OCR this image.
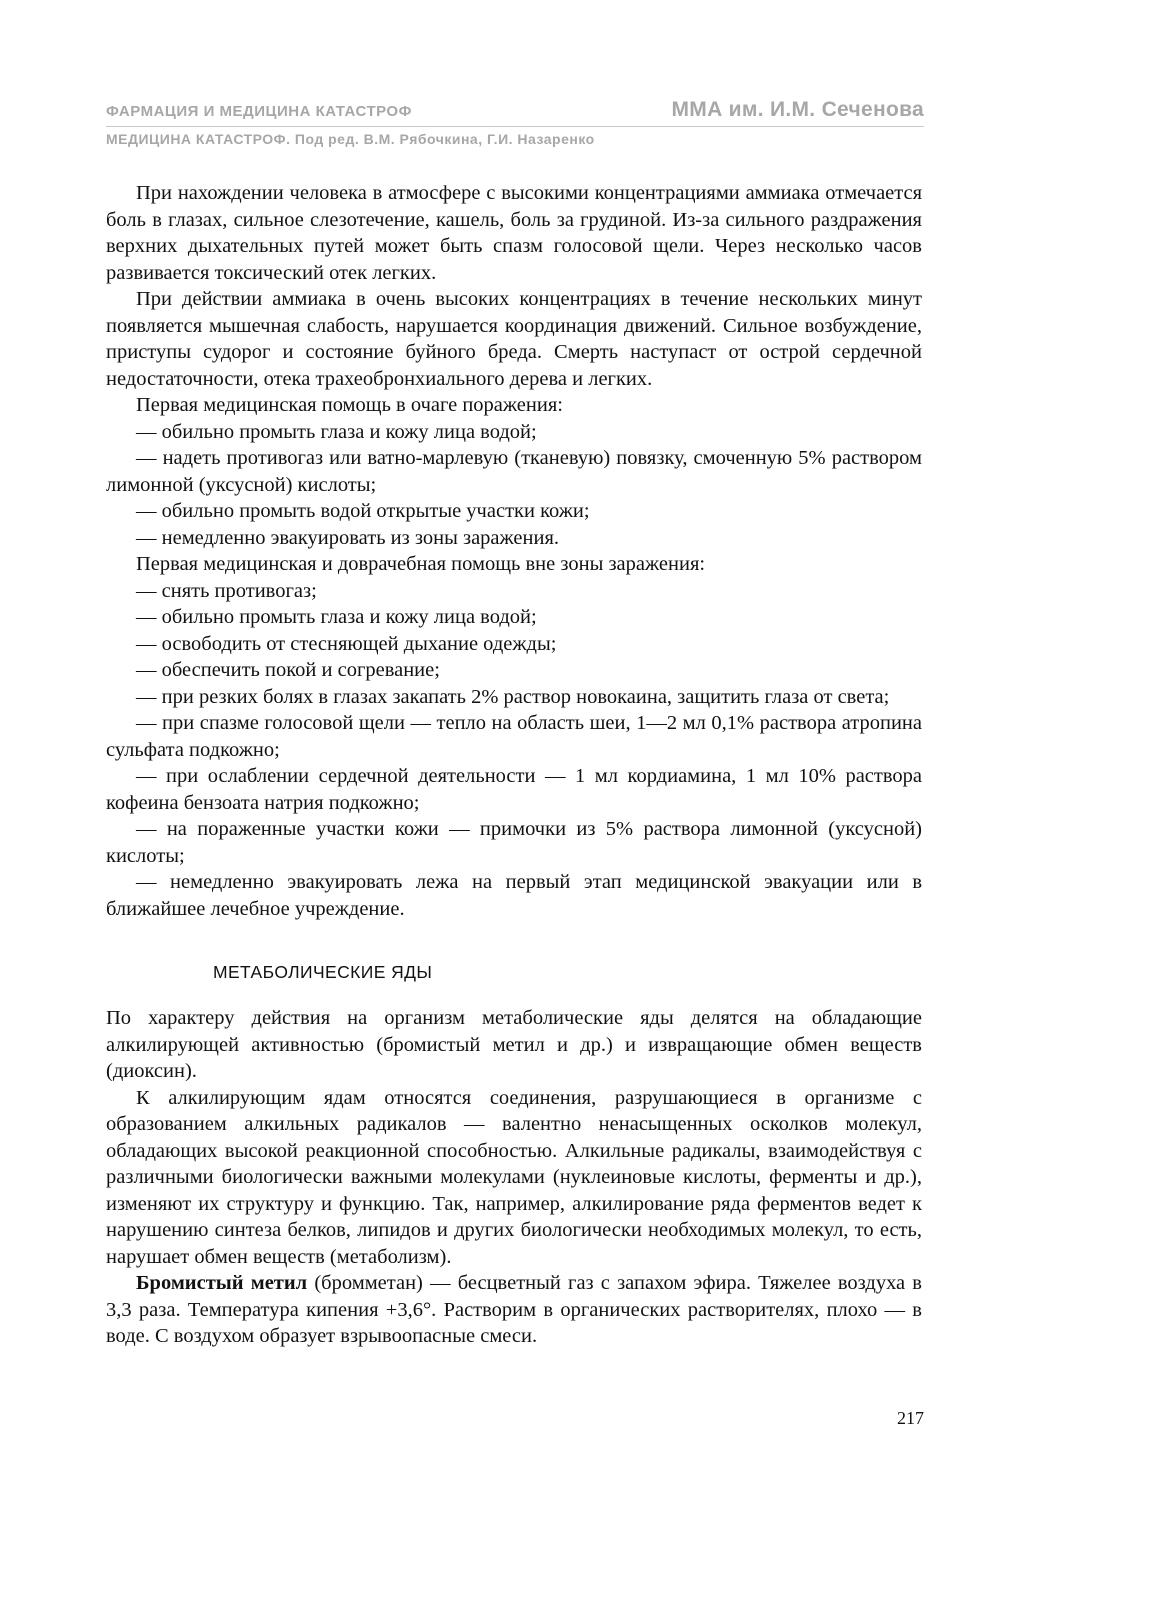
ФАРМАЦИЯ И МЕДИЦИНА КАТАСТРОФ	ММА им. И.М. Сеченова
МЕДИЦИНА КАТАСТРОФ. Под ред. В.М. Рябочкина, Г.И. Назаренко

При нахождении человека в атмосфере с высокими концентрациями аммиака отмечается боль в глазах, сильное слезотечение, кашель, боль за грудиной. Из-за сильного раздражения верхних дыхательных путей может быть спазм голосовой щели. Через несколько часов развивается токсический отек легких.

При действии аммиака в очень высоких концентрациях в течение нескольких минут появляется мышечная слабость, нарушается координация движений. Сильное возбуждение, приступы судорог и состояние буйного бреда. Смерть наступаст от острой сердечной недостаточности, отека трахеобронхиального дерева и легких.

Первая медицинская помощь в очаге поражения:

— обильно промыть глаза и кожу лица водой;

— надеть противогаз или ватно-марлевую (тканевую) повязку, смоченную 5% раствором лимонной (уксусной) кислоты;

— обильно промыть водой открытые участки кожи;

— немедленно эвакуировать из зоны заражения.

Первая медицинская и доврачебная помощь вне зоны заражения:

— снять противогаз;

— обильно промыть глаза и кожу лица водой;

— освободить от стесняющей дыхание одежды;

— обеспечить покой и согревание;

— при резких болях в глазах закапать 2% раствор новокаина, защитить глаза от света;

— при спазме голосовой щели — тепло на область шеи, 1—2 мл 0,1% раствора атропина сульфата подкожно;

— при ослаблении сердечной деятельности — 1 мл кордиамина, 1 мл 10% раствора кофеина бензоата натрия подкожно;

— на пораженные участки кожи — примочки из 5% раствора лимонной (уксусной) кислоты;

— немедленно эвакуировать лежа на первый этап медицинской эвакуации или в ближайшее лечебное учреждение.

МЕТАБОЛИЧЕСКИЕ ЯДЫ

По характеру действия на организм метаболические яды делятся на обладающие алкилирующей активностью (бромистый метил и др.) и извращающие обмен веществ (диоксин).

К алкилирующим ядам относятся соединения, разрушающиеся в организме с образованием алкильных радикалов — валентно ненасыщенных осколков молекул, обладающих высокой реакционной способностью. Алкильные радикалы, взаимодействуя с различными биологически важными молекулами (нуклеиновые кислоты, ферменты и др.), изменяют их структуру и функцию. Так, например, алкилирование ряда ферментов ведет к нарушению синтеза белков, липидов и других биологически необходимых молекул, то есть, нарушает обмен веществ (метаболизм).

Бромистый метил (бромметан) — бесцветный газ с запахом эфира. Тяжелее воздуха в 3,3 раза. Температура кипения +3,6°. Растворим в органических растворителях, плохо — в воде. С воздухом образует взрывоопасные смеси.

217
